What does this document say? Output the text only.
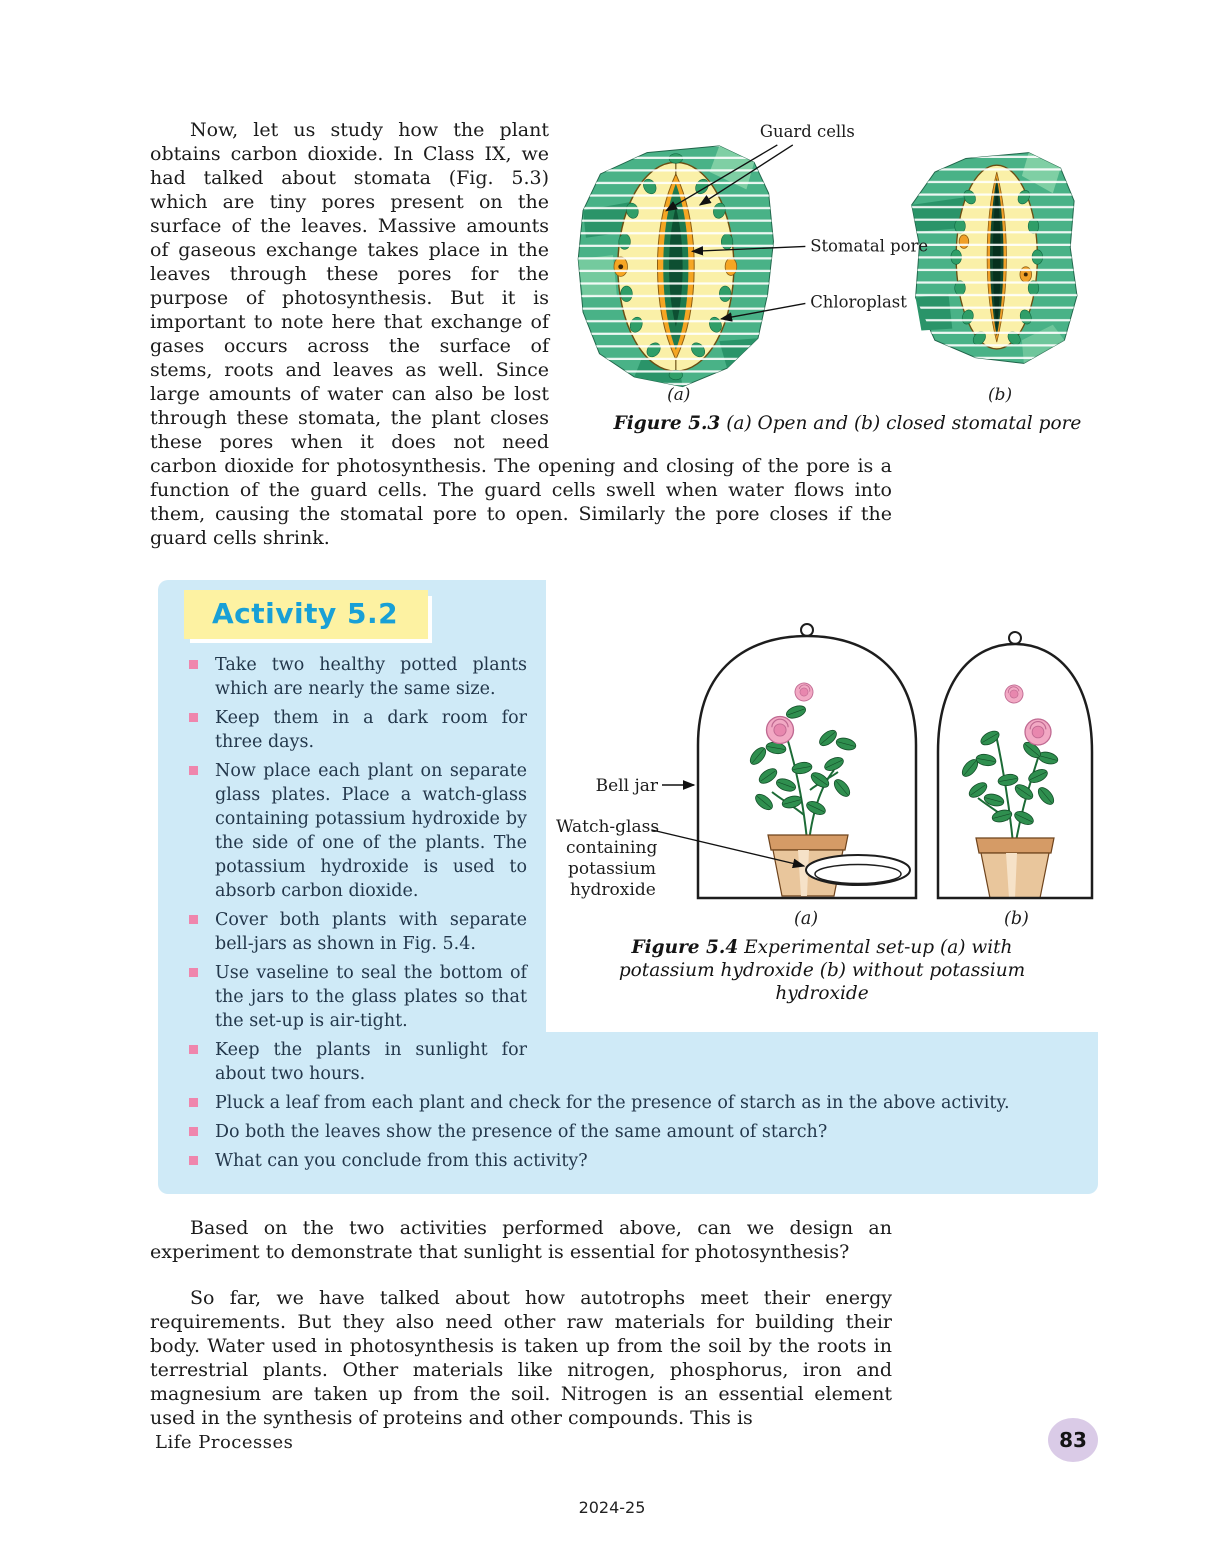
Guard cells
Stomatal pore
Chloroplast
(a)	(b)
Figure 5.3 (a) Open and (b) closed stomatal pore

Now, let us study how the plant obtains carbon dioxide. In Class IX, we had talked about stomata (Fig. 5.3) which are tiny pores present on the surface of the leaves. Massive amounts of gaseous exchange takes place in the leaves through these pores for the purpose of photosynthesis. But it is important to note here that exchange of gases occurs across the surface of stems, roots and leaves as well. Since large amounts of water can also be lost through these stomata, the plant closes these pores when it does not need carbon dioxide for photosynthesis. The opening and closing of the pore is a function of the guard cells. The guard cells swell when water flows into them, causing the stomatal pore to open. Similarly the pore closes if the guard cells shrink.

Bell jar
Watch-glass
containing
potassium
hydroxide
(a)	(b)
Figure 5.4 Experimental set-up (a) with potassium hydroxide (b) without potassium hydroxide
Activity 5.2
Take two healthy potted plants which are nearly the same size.
Keep them in a dark room for three days.
Now place each plant on separate glass plates. Place a watch-glass containing potassium hydroxide by the side of one of the plants. The potassium hydroxide is used to absorb carbon dioxide.
Cover both plants with separate bell-jars as shown in Fig. 5.4.
Use vaseline to seal the bottom of the jars to the glass plates so that the set-up is air-tight.
Keep the plants in sunlight for about two hours.
Pluck a leaf from each plant and check for the presence of starch as in the above activity.
Do both the leaves show the presence of the same amount of starch?
What can you conclude from this activity?

Based on the two activities performed above, can we design an experiment to demonstrate that sunlight is essential for photosynthesis?

So far, we have talked about how autotrophs meet their energy requirements. But they also need other raw materials for building their body. Water used in photosynthesis is taken up from the soil by the roots in terrestrial plants. Other materials like nitrogen, phosphorus, iron and magnesium are taken up from the soil. Nitrogen is an essential element used in the synthesis of proteins and other compounds. This is

Life Processes	83
2024-25
